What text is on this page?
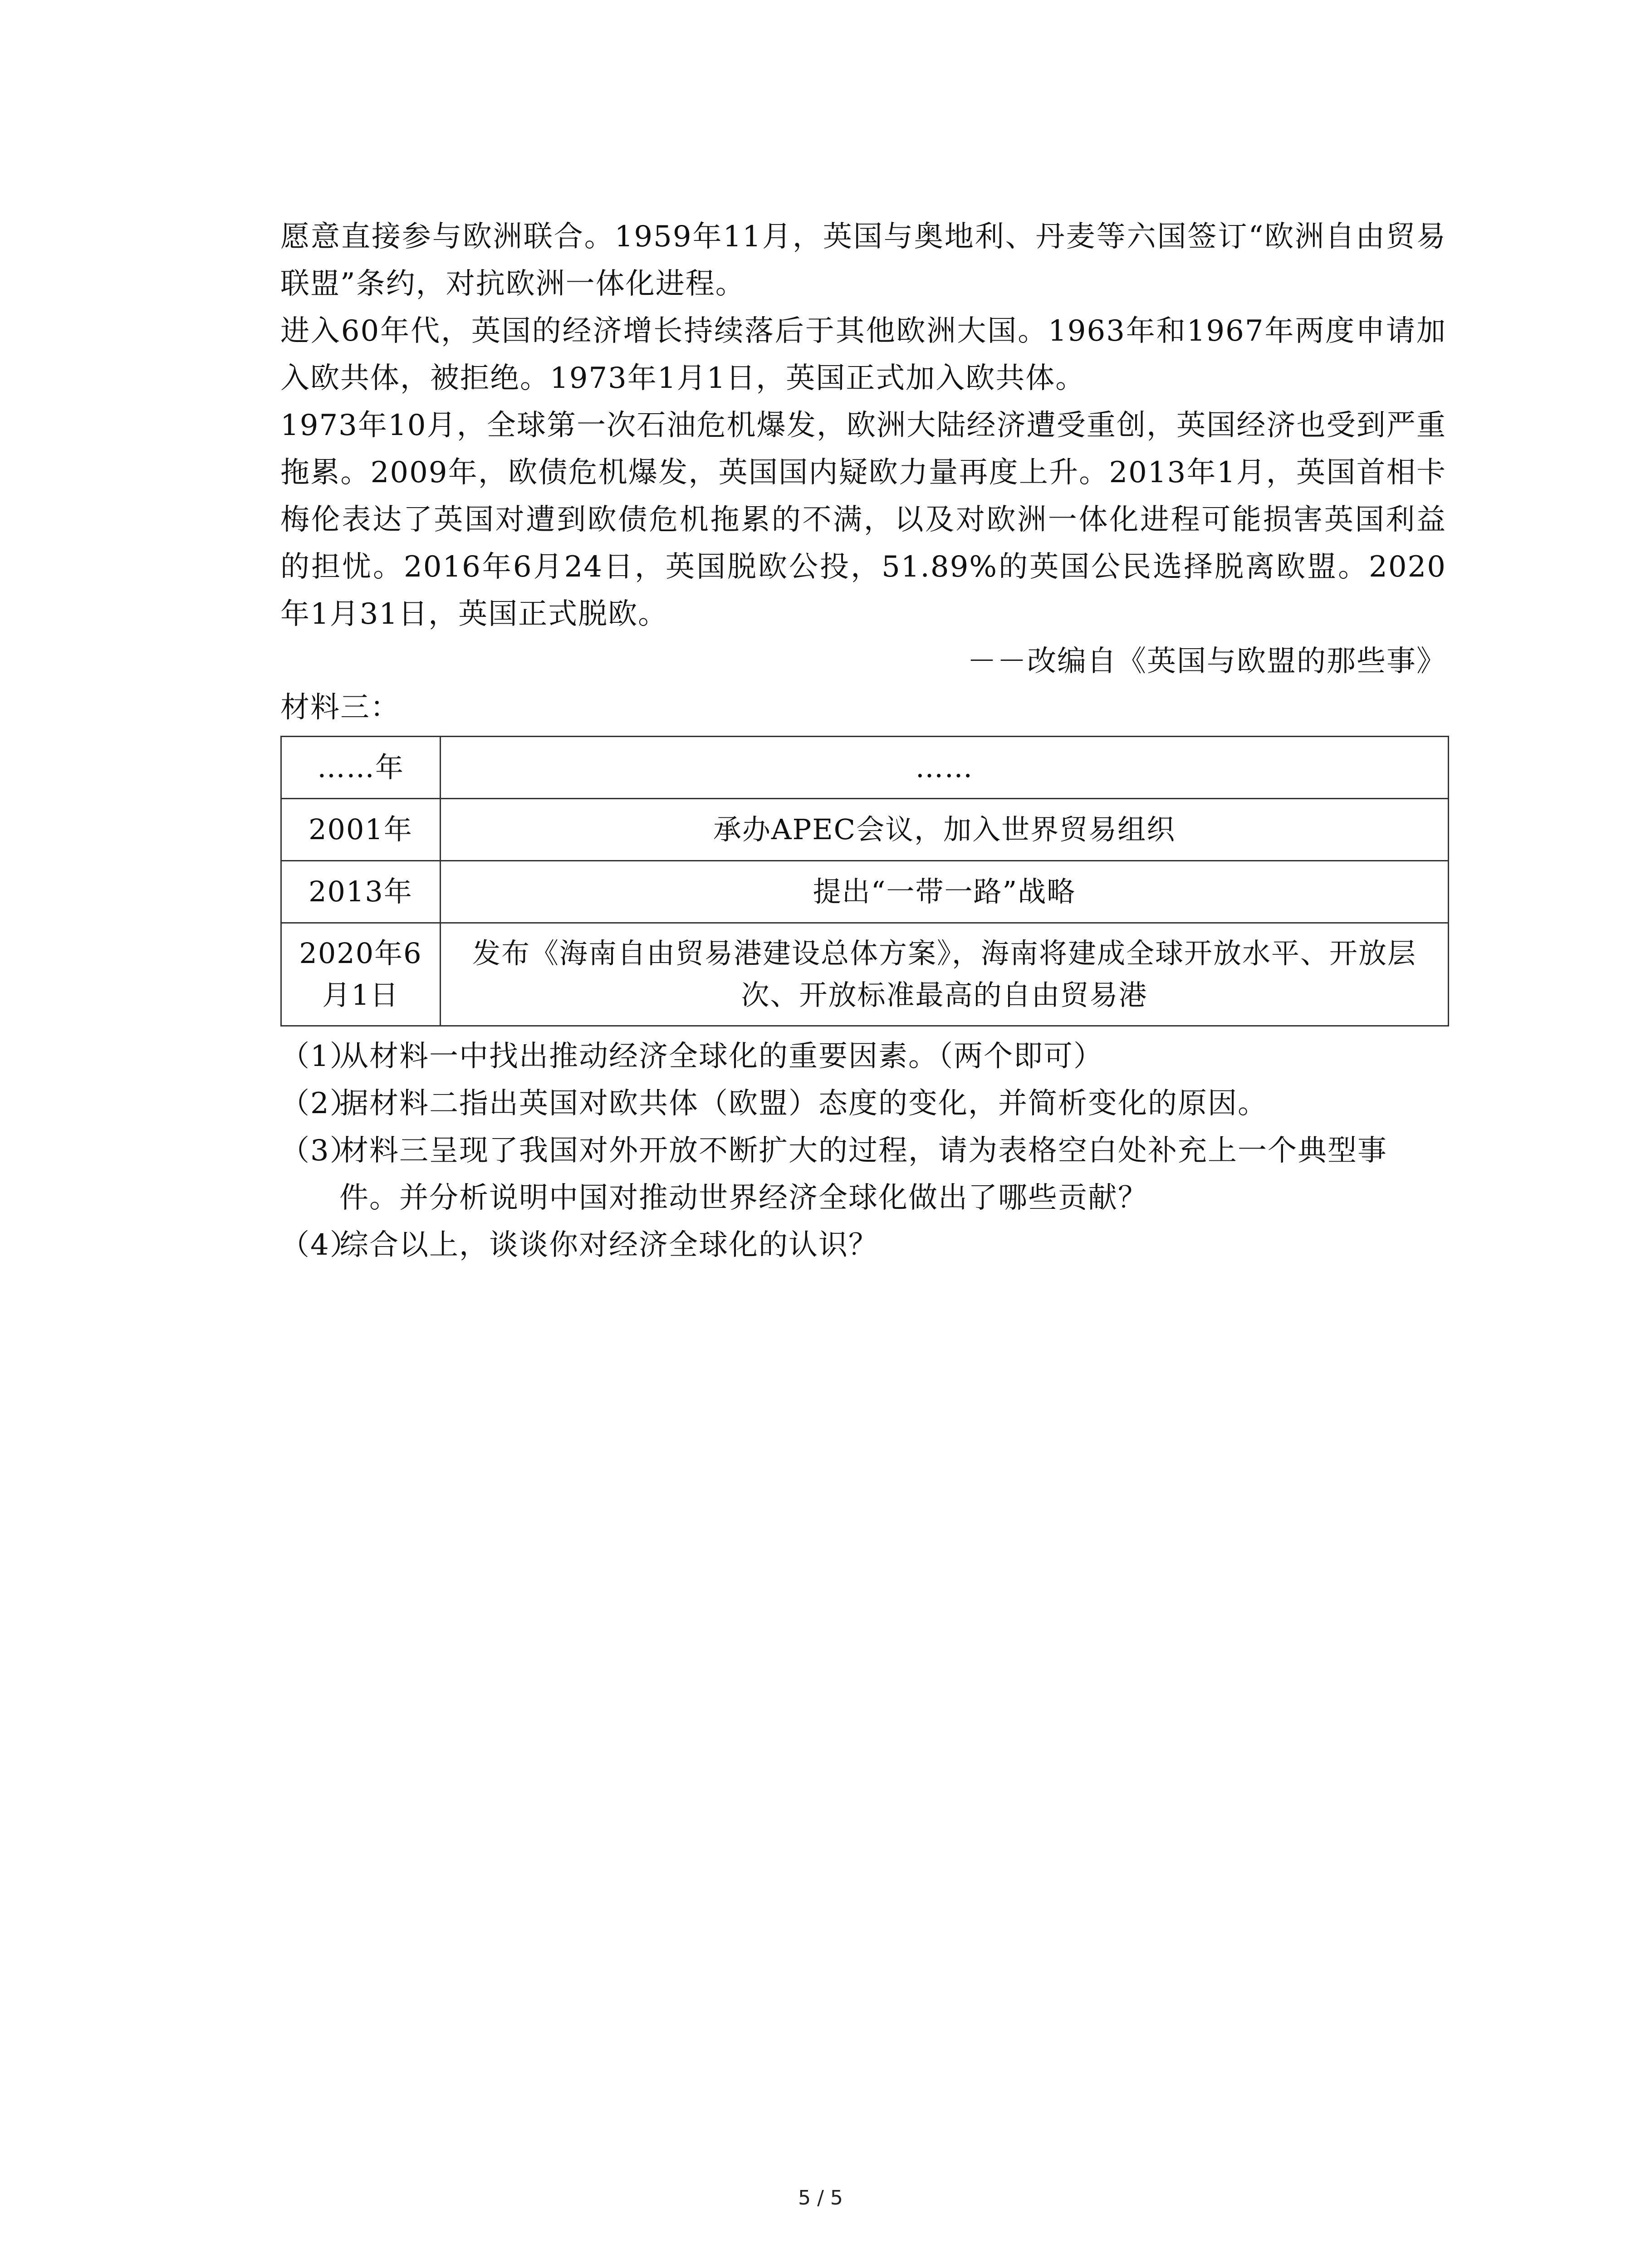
愿意直接参与欧洲联合。1959年11月，英国与奥地利、丹麦等六国签订“欧洲自由贸易联盟”条约，对抗欧洲一体化进程。

进入60年代，英国的经济增长持续落后于其他欧洲大国。1963年和1967年两度申请加入欧共体，被拒绝。1973年1月1日，英国正式加入欧共体。

1973年10月，全球第一次石油危机爆发，欧洲大陆经济遭受重创，英国经济也受到严重拖累。2009年，欧债危机爆发，英国国内疑欧力量再度上升。2013年1月，英国首相卡梅伦表达了英国对遭到欧债危机拖累的不满，以及对欧洲一体化进程可能损害英国利益的担忧。2016年6月24日，英国脱欧公投，51.89%的英国公民选择脱离欧盟。2020年1月31日，英国正式脱欧。

－－改编自《英国与欧盟的那些事》

材料三：

……年	……
2001年	承办APEC会议，加入世界贸易组织
2013年	提出“一带一路”战略
2020年6月1日	发布《海南自由贸易港建设总体方案》，海南将建成全球开放水平、开放层次、开放标准最高的自由贸易港

（1）从材料一中找出推动经济全球化的重要因素。（两个即可）

（2）据材料二指出英国对欧共体（欧盟）态度的变化，并简析变化的原因。

（3）材料三呈现了我国对外开放不断扩大的过程，请为表格空白处补充上一个典型事件。并分析说明中国对推动世界经济全球化做出了哪些贡献？

（4）综合以上，谈谈你对经济全球化的认识？

5 / 5
